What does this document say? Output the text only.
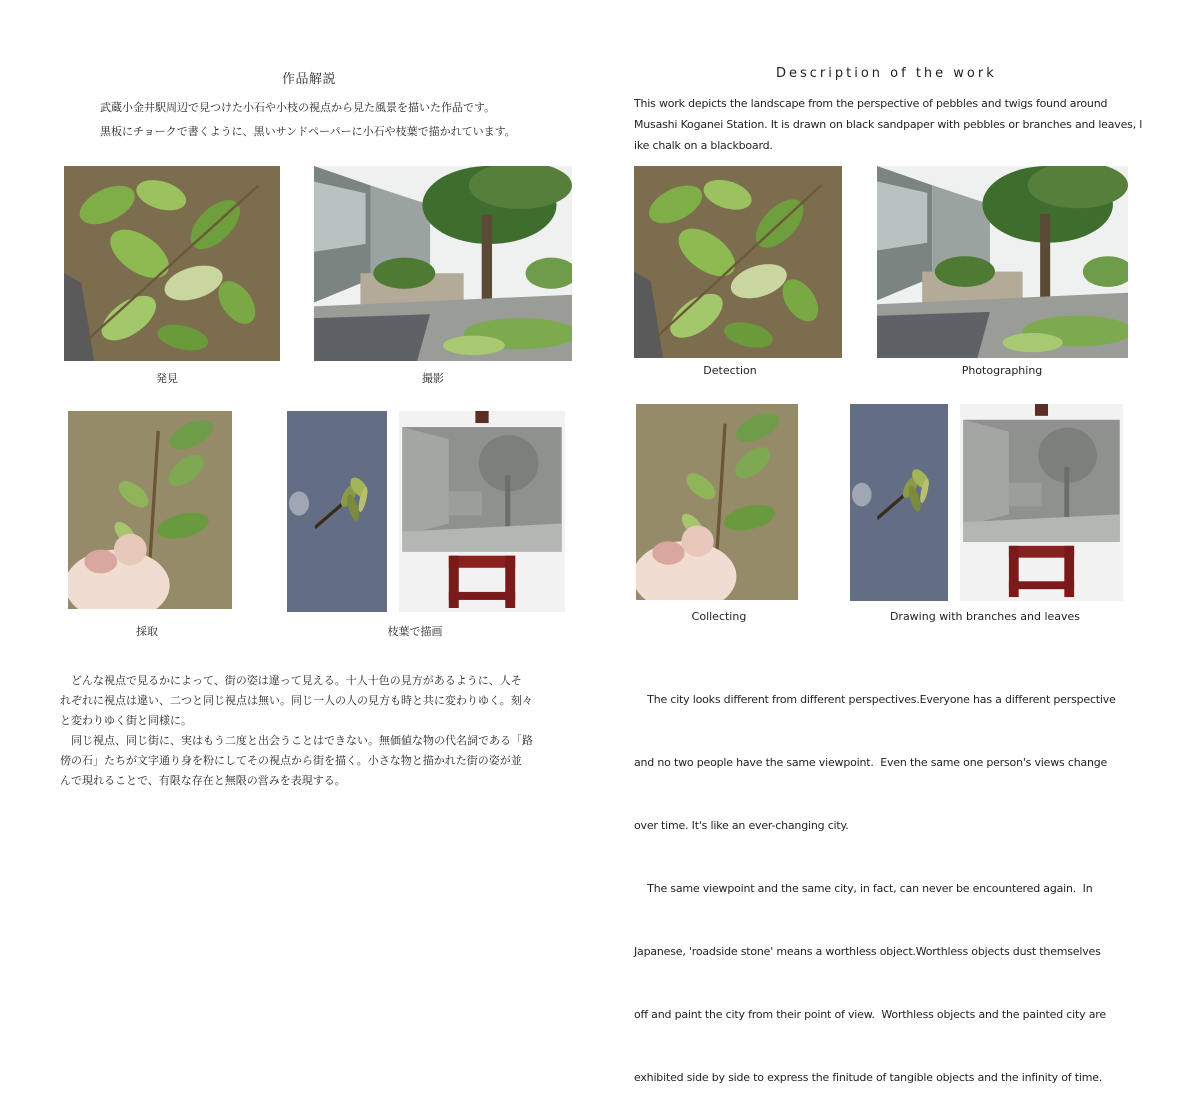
作品解説

武蔵小金井駅周辺で見つけた小石や小枝の視点から見た風景を描いた作品です。

黒板にチョークで書くように、黒いサンドペーパーに小石や枝葉で描かれています。

発見	撮影
採取	枝葉で描画

　どんな視点で見るかによって、街の姿は違って見える。十人十色の見方があるように、人そ

れぞれに視点は違い、二つと同じ視点は無い。同じ一人の人の見方も時と共に変わりゆく。刻々

と変わりゆく街と同様に。

　同じ視点、同じ街に、実はもう二度と出会うことはできない。無価値な物の代名詞である「路

傍の石」たちが文字通り身を粉にしてその視点から街を描く。小さな物と描かれた街の姿が並

んで現れることで、有限な存在と無限の営みを表現する。

Description of the work

This work depicts the landscape from the perspective of pebbles and twigs found around

Musashi Koganei Station. It is drawn on black sandpaper with pebbles or branches and leaves, l

ike chalk on a blackboard.

Detection	Photographing
Collecting	Drawing with branches and leaves

The city looks different from different perspectives.Everyone has a different perspective

and no two people have the same viewpoint.  Even the same one person's views change

over time. It's like an ever-changing city.

The same viewpoint and the same city, in fact, can never be encountered again.  In

Japanese, 'roadside stone' means a worthless object.Worthless objects dust themselves

off and paint the city from their point of view.  Worthless objects and the painted city are

exhibited side by side to express the finitude of tangible objects and the infinity of time.
